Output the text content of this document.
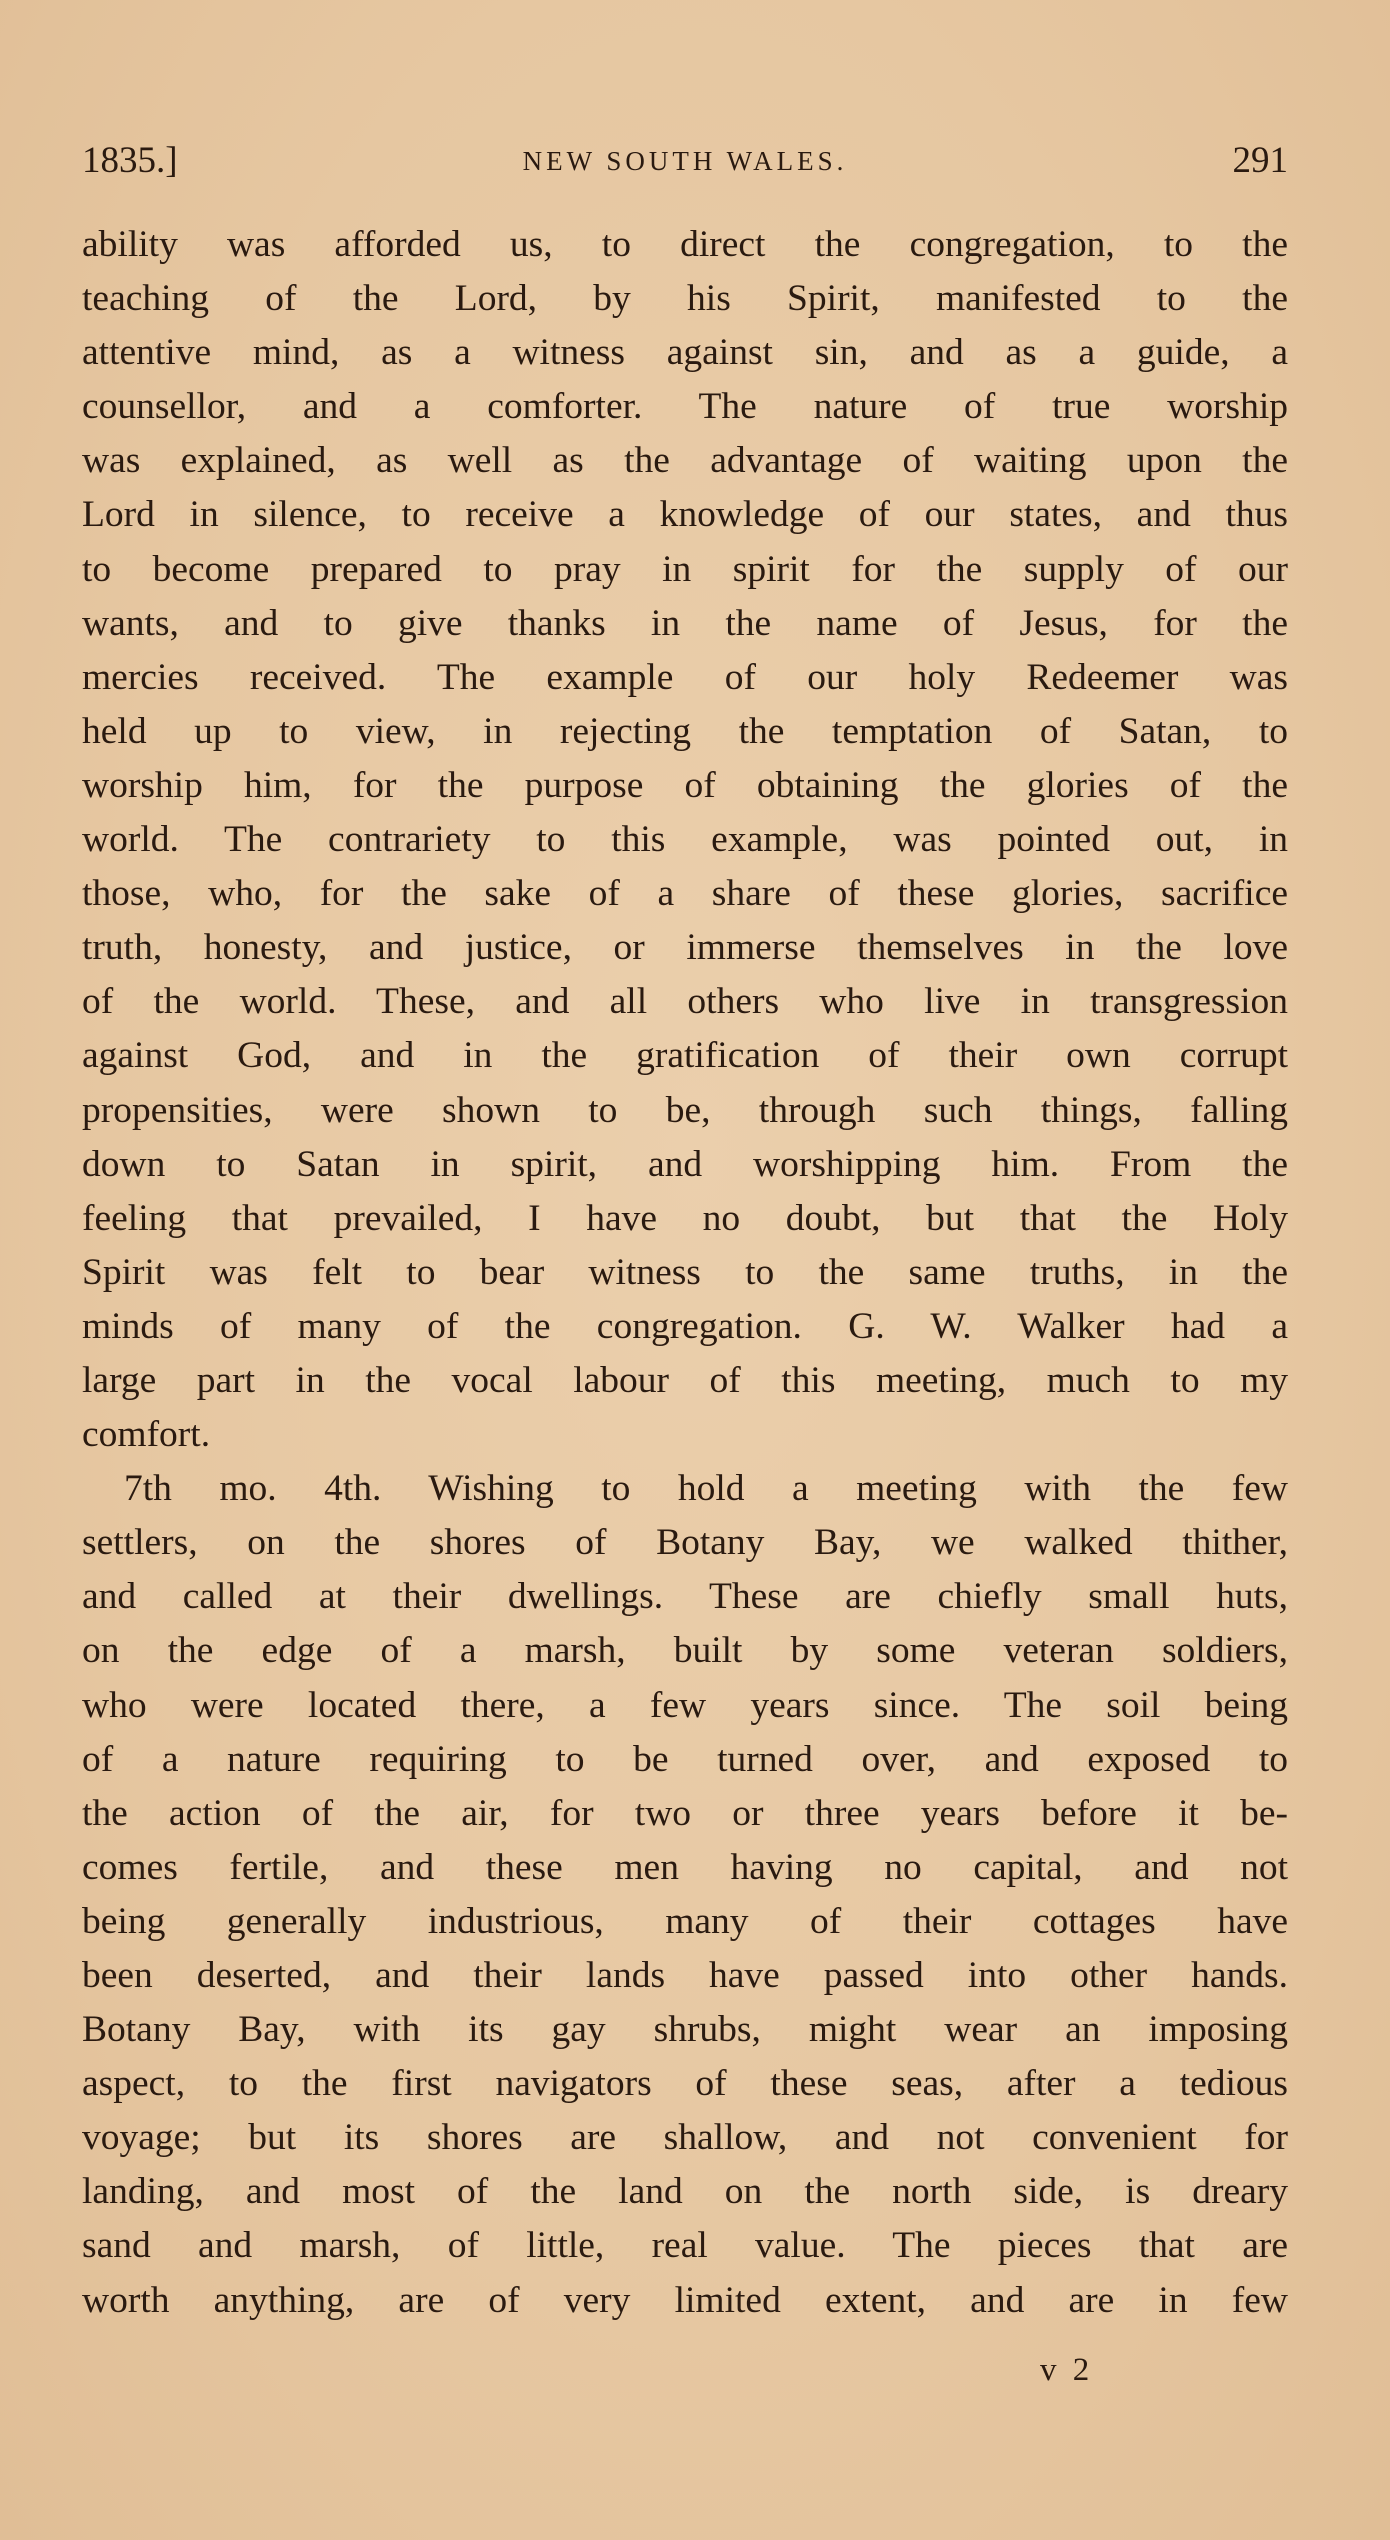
1835.]	NEW SOUTH WALES.	291
ability was afforded us, to direct the congregation, to the
teaching of the Lord, by his Spirit, manifested to the
attentive mind, as a witness against sin, and as a guide, a
counsellor, and a comforter. The nature of true worship
was explained, as well as the advantage of waiting upon the
Lord in silence, to receive a knowledge of our states, and thus
to become prepared to pray in spirit for the supply of our
wants, and to give thanks in the name of Jesus, for the
mercies received. The example of our holy Redeemer was
held up to view, in rejecting the temptation of Satan, to
worship him, for the purpose of obtaining the glories of the
world. The contrariety to this example, was pointed out, in
those, who, for the sake of a share of these glories, sacrifice
truth, honesty, and justice, or immerse themselves in the love
of the world. These, and all others who live in transgression
against God, and in the gratification of their own corrupt
propensities, were shown to be, through such things, falling
down to Satan in spirit, and worshipping him. From the
feeling that prevailed, I have no doubt, but that the Holy
Spirit was felt to bear witness to the same truths, in the
minds of many of the congregation. G. W. Walker had a
large part in the vocal labour of this meeting, much to my
comfort.
7th mo. 4th. Wishing to hold a meeting with the few
settlers, on the shores of Botany Bay, we walked thither,
and called at their dwellings. These are chiefly small huts,
on the edge of a marsh, built by some veteran soldiers,
who were located there, a few years since. The soil being
of a nature requiring to be turned over, and exposed to
the action of the air, for two or three years before it be-
comes fertile, and these men having no capital, and not
being generally industrious, many of their cottages have
been deserted, and their lands have passed into other hands.
Botany Bay, with its gay shrubs, might wear an imposing
aspect, to the first navigators of these seas, after a tedious
voyage; but its shores are shallow, and not convenient for
landing, and most of the land on the north side, is dreary
sand and marsh, of little, real value. The pieces that are
worth anything, are of very limited extent, and are in few
v 2
